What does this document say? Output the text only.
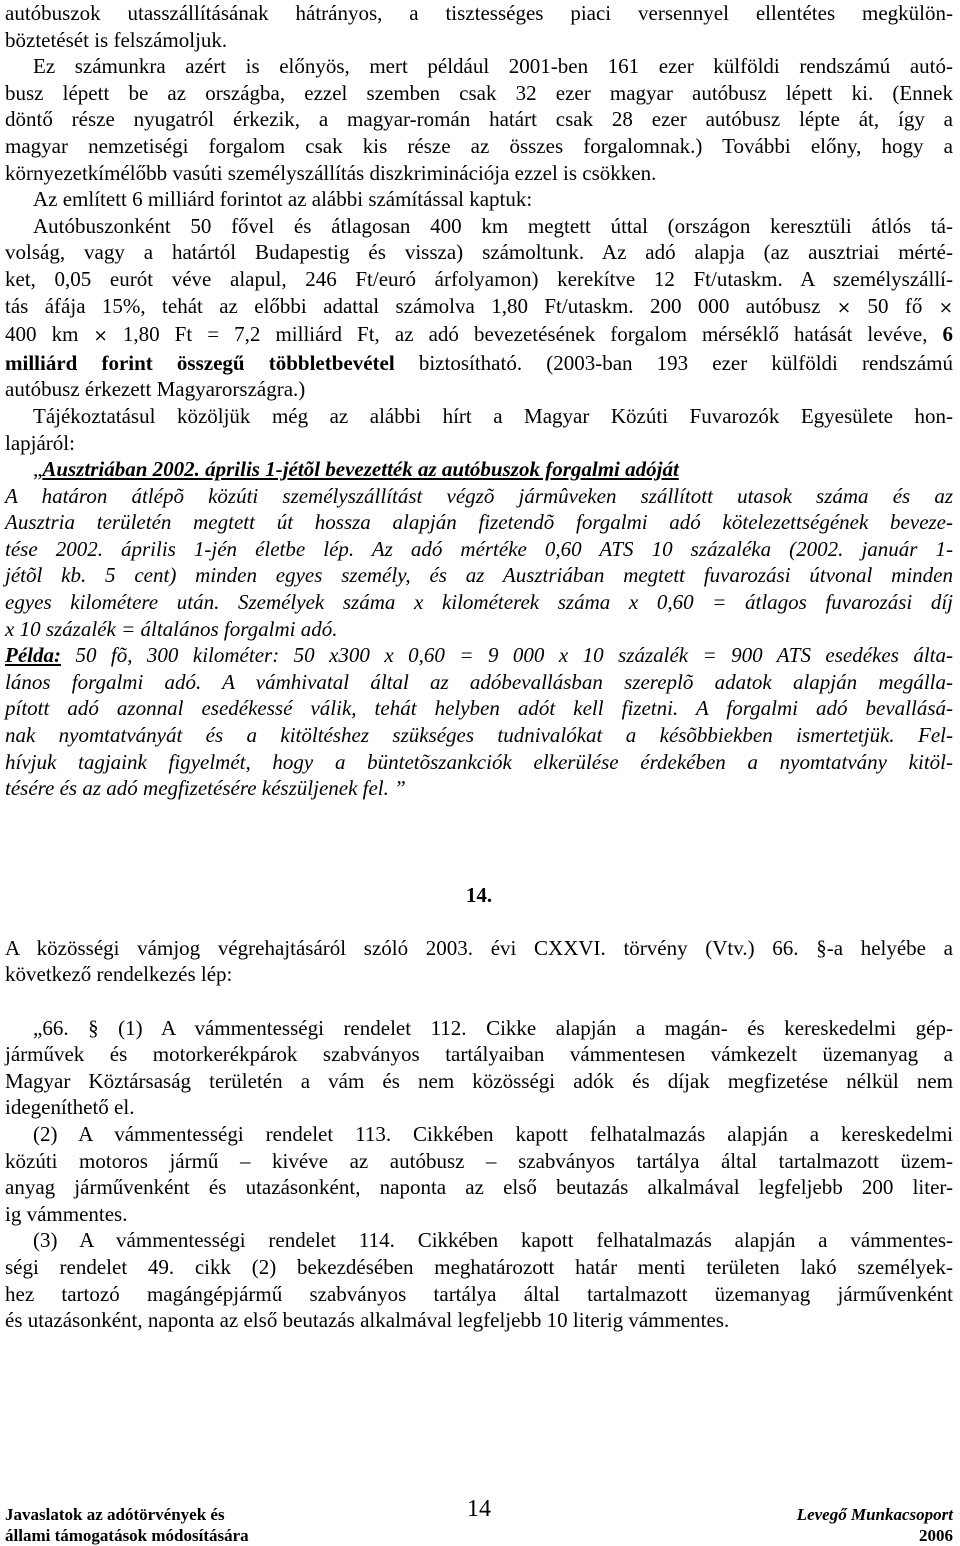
autóbuszok utasszállításának hátrányos, a tisztességes piaci versennyel ellentétes megkülön-
böztetését is felszámoljuk.
Ez számunkra azért is előnyös, mert például 2001-ben 161 ezer külföldi rendszámú autó-
busz lépett be az országba, ezzel szemben csak 32 ezer magyar autóbusz lépett ki. (Ennek
döntő része nyugatról érkezik, a magyar-román határt csak 28 ezer autóbusz lépte át, így a
magyar nemzetiségi forgalom csak kis része az összes forgalomnak.) További előny, hogy a
környezetkímélőbb vasúti személyszállítás diszkriminációja ezzel is csökken.
Az említett 6 milliárd forintot az alábbi számítással kaptuk:
Autóbuszonként 50 fővel és átlagosan 400 km megtett úttal (országon keresztüli átlós tá-
volság, vagy a határtól Budapestig és vissza) számoltunk. Az adó alapja (az ausztriai mérté-
ket, 0,05 eurót véve alapul, 246 Ft/euró árfolyamon) kerekítve 12 Ft/utaskm. A személyszállí-
tás áfája 15%, tehát az előbbi adattal számolva 1,80 Ft/utaskm. 200 000 autóbusz × 50 fő ×
400 km × 1,80 Ft = 7,2 milliárd Ft, az adó bevezetésének forgalom mérséklő hatását levéve, 6
milliárd forint összegű többletbevétel biztosítható. (2003-ban 193 ezer külföldi rendszámú
autóbusz érkezett Magyarországra.)
Tájékoztatásul közöljük még az alábbi hírt a Magyar Közúti Fuvarozók Egyesülete hon-
lapjáról:
„Ausztriában 2002. április 1-jétõl bevezették az autóbuszok forgalmi adóját
A határon átlépõ közúti személyszállítást végzõ jármûveken szállított utasok száma és az
Ausztria területén megtett út hossza alapján fizetendõ forgalmi adó kötelezettségének beveze-
tése 2002. április 1-jén életbe lép. Az adó mértéke 0,60 ATS 10 százaléka (2002. január 1-
jétõl kb. 5 cent) minden egyes személy, és az Ausztriában megtett fuvarozási útvonal minden
egyes kilométere után. Személyek száma x kilométerek száma x 0,60 = átlagos fuvarozási díj
x 10 százalék = általános forgalmi adó.
Példa: 50 fõ, 300 kilométer: 50 x300 x 0,60 = 9 000 x 10 százalék = 900 ATS esedékes álta-
lános forgalmi adó. A vámhivatal által az adóbevallásban szereplõ adatok alapján megálla-
pított adó azonnal esedékessé válik, tehát helyben adót kell fizetni. A forgalmi adó bevallásá-
nak nyomtatványát és a kitöltéshez szükséges tudnivalókat a késõbbiekben ismertetjük. Fel-
hívjuk tagjaink figyelmét, hogy a büntetõszankciók elkerülése érdekében a nyomtatvány kitöl-
tésére és az adó megfizetésére készüljenek fel. ”
14.
A közösségi vámjog végrehajtásáról szóló 2003. évi CXXVI. törvény (Vtv.) 66. §-a helyébe a
következő rendelkezés lép:
„66. § (1) A vámmentességi rendelet 112. Cikke alapján a magán- és kereskedelmi gép-
járművek és motorkerékpárok szabványos tartályaiban vámmentesen vámkezelt üzemanyag a
Magyar Köztársaság területén a vám és nem közösségi adók és díjak megfizetése nélkül nem
idegeníthető el.
(2) A vámmentességi rendelet 113. Cikkében kapott felhatalmazás alapján a kereskedelmi
közúti motoros jármű – kivéve az autóbusz – szabványos tartálya által tartalmazott üzem-
anyag járművenként és utazásonként, naponta az első beutazás alkalmával legfeljebb 200 liter-
ig vámmentes.
(3) A vámmentességi rendelet 114. Cikkében kapott felhatalmazás alapján a vámmentes-
ségi rendelet 49. cikk (2) bekezdésében meghatározott határ menti területen lakó személyek-
hez tartozó magángépjármű szabványos tartálya által tartalmazott üzemanyag járművenként
és utazásonként, naponta az első beutazás alkalmával legfeljebb 10 literig vámmentes.
Javaslatok az adótörvények és
állami támogatások módosítására
14	Levegő Munkacsoport
2006
